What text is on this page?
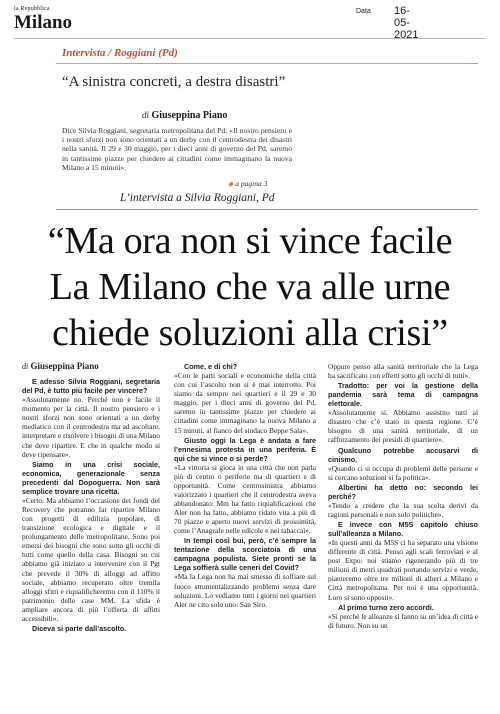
la Repubblica
Milano
Data 16-05-2021
Intervista / Roggiani (Pd)
“A sinistra concreti, a destra disastri”
di Giuseppina Piano
Dice Silvia Roggiani, segretaria metropolitana del Pd: «Il nostro pensiero e i nostri sforzi non sono orientati a un derby con il centrodestra dei disastri nella sanità. Il 29 e 30 maggio, per i dieci anni di governo del Pd, saremo in tantissime piazze per chiedere ai cittadini come immaginano la nuova Milano a 15 minuti».
◆ a pagina 3
L’intervista a Silvia Roggiani, Pd
“Ma ora non si vince facile
La Milano che va alle urne
chiede soluzioni alla crisi”
di Giuseppina Piano

E adesso Silvia Roggiani, segretaria del Pd, è tutto più facile per vincere?

«Assolutamente no. Perché non è facile il momento per la città. Il nostro pensiero e i nostri sforzi non sono orientati a un derby mediatico con il centrodestra ma ad ascoltare, interpretare e risolvere i bisogni di una Milano che deve ripartire. E che in qualche modo si deve ripensare».

Siamo in una crisi sociale, economica, generazionale senza precedenti dal Dopoguerra. Non sarà semplice trovare una ricetta.

«Certo. Ma abbiamo l’occasione dei fondi del Recovery che potranno far ripartire Milano con progetti di edilizia popolare, di transizione ecologica e digitale e il prolungamento delle metropolitane. Sono poi emersi dei bisogni che sono sotto gli occhi di tutti come quello della casa. Bisogni su cui abbiamo già iniziato a intervenire con il Pgt che prevede il 30% di alloggi ad affitto sociale, abbiamo recuperato oltre tremila alloggi sfitti e riqualificheremo con il 110% il patrimonio delle case MM. La sfida è ampliare ancora di più l’offerta di affitti accessibili».

Diceva si parte dall’ascolto.

Come, e di chi?

«Con le parti sociali e economiche della città con cui l’ascolto non si è mai interrotto. Poi siamo da sempre nei quartieri e il 29 e 30 maggio, per i dieci anni di governo del Pd, saremo in tantissime piazze per chiedere ai cittadini come immaginano la nuova Milano a 15 minuti, al fianco del sindaco Beppe Sala».

Giusto oggi la Lega è andata a fare l’ennesima protesta in una periferia. È qui che si vince o si perde?

«La vittoria si gioca in una città che non parla più di centro o periferie ma di quartieri e di opportunità. Come centrosinistra abbiamo valorizzato i quartieri che il centrodestra aveva abbandonato: Mm ha fatto riqualificazioni che Aler non ha fatto, abbiamo ridato vita a più di 70 piazze e aperto nuovi servizi di prossimità, come l’Anagrafe nelle edicole e nei tabaccai».

In tempi così bui, però, c’è sempre la tentazione della scorciatoia di una campagna populista. Siete pronti se la Lega soffierà sulle ceneri del Covid?

«Ma la Lega non ha mai smesso di soffiare sul fuoco strumentalizzando problemi senza dare soluzioni. Lo vediamo tutti i giorni nei quartieri Aler ne cito solo uno: San Siro.

Oppure penso alla sanità territoriale che la Lega ha sacrificato con effetti sotto gli occhi di tutti».

Tradotto: per voi la gestione della pandemia sarà tema di campagna elettorale.

«Assolutamente sì. Abbiamo assistito tutti al disastro che c’è stato in questa regione. C’è bisogno di una sanità territoriale, di un rafforzamento dei presidi di quartiere».

Qualcuno potrebbe accusarvi di cinismo.

«Quando ci si occupa di problemi delle persone e si cercano soluzioni si fa politica».

Albertini ha detto no: secondo lei perché?

«Tendo a credere che la sua scelta derivi da ragioni personali e non solo politiche».

E invece con M5S capitolo chiuso sull’alleanza a Milano.

«In questi anni da M5S ci ha separato una visione differente di città. Penso agli scali ferroviari e al post Expo: noi stiamo rigenerando più di tre milioni di metri quadrati portando servizi e verde, pianteremo oltre tre milioni di alberi a Milano e Città metropolitana. Per noi è una opportunità. Loro si sono opposti».

Al primo turno zero accordi.

«Si perché le alleanze si fanno su un’idea di città e di futuro. Non su un
